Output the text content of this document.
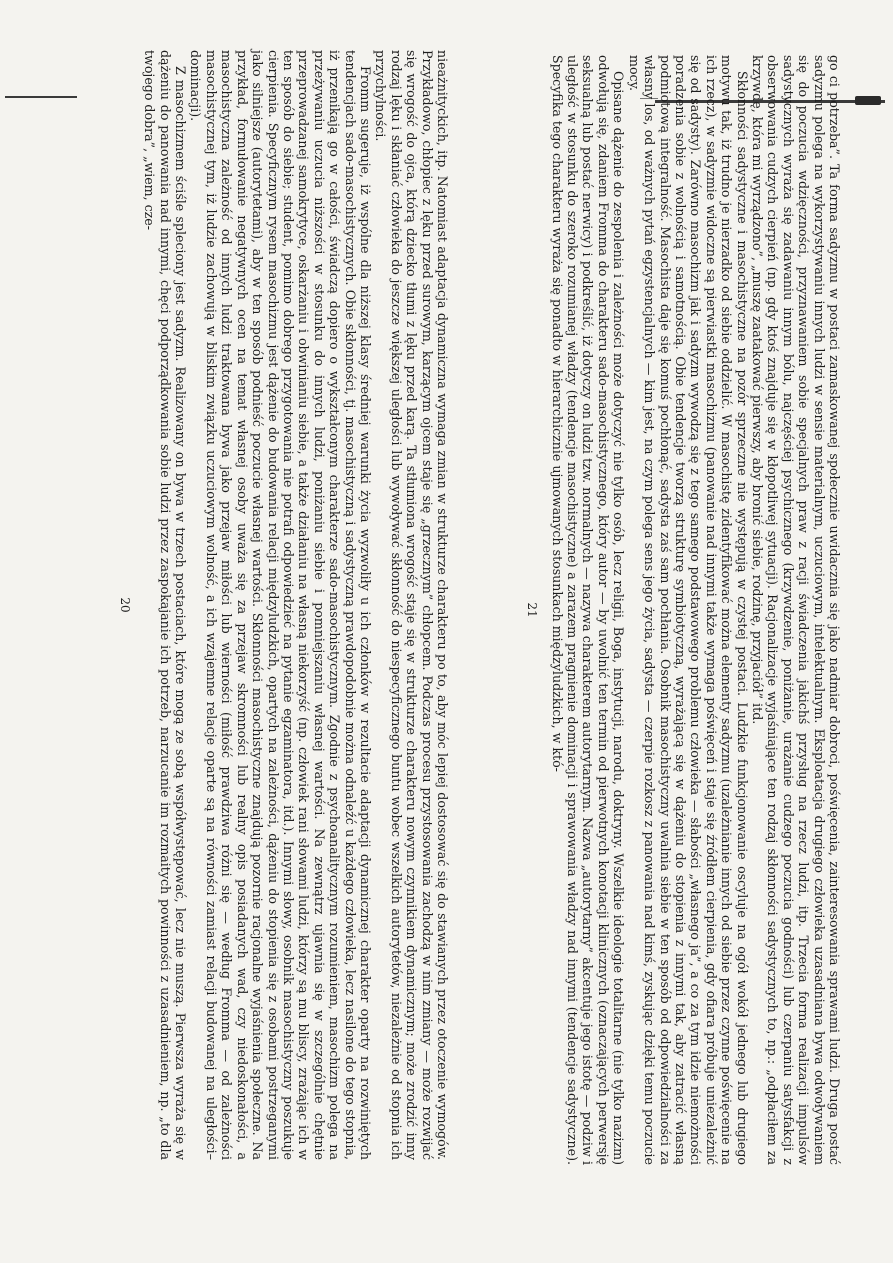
nieażnityckich, itp. Natomiast adaptacja dynamiczna wymaga zmian w strukturze charakteru po to, aby móc lepiej dostosować się do stawianych przez otoczenie wymogów. Przykładowo, chłopiec z lęku przed surowym, karzącym ojcem staje się „grzecznym” chłopcem. Podczas procesu przystosowania zachodzą w nim zmiany — może rozwijać się wrogość do ojca, którą dziecko tłumi z lęku przed karą. Ta stłumiona wrogość staje się w strukturze charakteru nowym czynnikiem dynamicznym; może zrodzić inny rodzaj lęku i skłaniać człowieka do jeszcze większej uległości lub wywoływać skłonność do niespecyficznego buntu wobec wszelkich autorytetów, niezależnie od stopnia ich przychylności.

Fromm sugeruje, iż wspólne dla niższej klasy średniej warunki życia wyzwoliły u ich członków w rezultacie adaptacji dynamicznej charakter oparty na rozwiniętych tendencjach sado-masochistycznych. Obie skłonności, tj. masochistyczną i sadystyczną prawdopodobnie można odnaleźć u każdego człowieka, lecz nasilone do tego stopnia, iż przenikają go w całości, świadczą dopiero o wykształconym charakterze sado-masochistycznym. Zgodnie z psychoanalitycznym rozumieniem, masochizm polega na przeżywaniu uczucia niższości w stosunku do innych ludzi, poniżaniu siebie i pomniejszaniu własnej wartości. Na zewnątrz ujawnia się w szczególnie chętnie przeprowadzanej samokrytyce, oskarżaniu i obwinianiu siebie, a także działaniu na własną niekorzyść (np. człowiek rani słowami ludzi, którzy są mu bliscy, zrażając ich w ten sposób do siebie; student, pomimo dobrego przygotowania nie potrafi odpowiedzieć na pytanie egzaminatora, itd.). Innymi słowy, osobnik masochistyczny poszukuje cierpienia. Specyficznym rysem masochizmu jest dążenie do budowania relacji międzyludzkich, opartych na zależności, dążeniu do stopienia się z osobami postrzeganymi jako silniejsze (autorytetami), aby w ten sposób podnieść poczucie własnej wartości. Skłonności masochistyczne znajdują pozornie racjonalne wyjaśnienia społeczne. Na przykład, formułowanie negatywnych ocen na temat własnej osoby uważa się za przejaw skromności lub realny opis posiadanych wad, czy niedoskonałości, a masochistyczna zależność od innych ludzi traktowana bywa jako przejaw miłości lub wierności (miłość prawdziwa różni się — według Fromma — od zależności masochistycznej tym, iż ludzie zachowują w bliskim związku uczuciowym wolność, a ich wzajemne relacje oparte są na równości zamiast relacji budowanej na uległości–dominacji).

Z masochizmem ściśle spleciony jest sadyzm. Realizowany on bywa w trzech postaciach, które mogą ze sobą współwystępować, lecz nie muszą. Pierwsza wyraża się w dążeniu do panowania nad innymi, chęci podporządkowania sobie ludzi przez zaspokajanie ich potrzeb, narzucanie im rozmaitych powinności z uzasadnieniem, np. „to dla twojego dobra”, „wiem, cze-

20	go ci potrzeba”. Ta forma sadyzmu w postaci zamaskowanej społecznie uwidacznia się jako nadmiar dobroci, poświęcenia, zainteresowania sprawami ludzi. Druga postać sadyzmu polega na wykorzystywaniu innych ludzi w sensie materialnym, uczuciowym, intelektualnym. Eksploatacja drugiego człowieka uzasadniana bywa odwoływaniem się do poczucia wdzięczności, przyznawaniem sobie specjalnych praw z racji świadczenia jakichś przysług na rzecz ludzi, itp. Trzecia forma realizacji impulsów sadystycznych wyraża się zadawaniu innym bólu, najczęściej psychicznego (krzywdzenie, poniżanie, urażanie cudzego poczucia godności) lub czerpaniu satysfakcji z obserwowania cudzych cierpień (np. gdy ktoś znajduje się w kłopotliwej sytuacji). Racjonalizacje wyjaśniające ten rodzaj skłonności sadystycznych to, np.: „odpłaciłem za krzywdę, która mi wyrządzono”, „muszę zaatakować pierwszy, aby bronić siebie, rodzinę, przyjaciół” itd.

Skłonności sadystyczne i masochistyczne na pozór sprzeczne nie występują w czystej postaci. Ludzkie funkcjonowanie oscyluje na ogół wokół jednego lub drugiego motywu tak, iż trudno je nierzadko od siebie oddzielić. W masochistę zidentyfikować można elementy sadyzmu (uzależnianie innych od siebie przez czynne poświęcenie na ich rzecz), w sadyzmie widoczne są pierwiastki masochizmu (panowanie nad innymi także wymaga poświęceń i staje się źródłem cierpienia, gdy ofiara próbuje uniezależnić się od sadysty). Zarówno masochizm jak i sadyzm wywodzą się z tego samego podstawowego problemu człowieka — słabości „własnego ja”, a co za tym idzie niemożności poradzenia sobie z wolnością i samotnością. Obie tendencje tworzą strukturę symbiotyczną, wyrażającą się w dążeniu do stopienia z innymi tak, aby zatracić własną podmiotową integralność. Masochista daje się komuś pochłonąć, sadysta zaś sam pochłania. Osobnik masochistyczny uwalnia siebie w ten sposób od odpowiedzialności za własny los, od ważnych pytań egzystencjalnych — kim jest, na czym polega sens jego życia, sadysta — czerpie rozkosz z panowania nad kimś, zyskując dzięki temu poczucie mocy.

Opisane dążenie do zespolenia i zależności może dotyczyć nie tylko osób, lecz religii, Boga, instytucji, narodu, doktryny. Wszelkie ideologie totalitarne (nie tylko nazizm) odwołują się, zdaniem Fromma do charakteru sado-masochistycznego, który autor — by uwolnić ten termin od pierwotnych konotacji klinicznych (oznaczających perwersję seksualną lub postać nerwicy) i podkreślić, iż dotyczy on ludzi tzw. normalnych — nazywa charakterem autorytarnym. Nazwa „autorytarny” akcentuje jego istotę — podziw i uległość w stosunku do szeroko rozumianej władzy (tendencje masochistyczne) a zarazem pragnienie dominacji i sprawowania władzy nad innymi (tendencje sadystyczne). Specyfika tego charakteru wyraża się ponadto w hierarchicznie ujmowanych stosunkach międzyludzkich, w któ-

21
